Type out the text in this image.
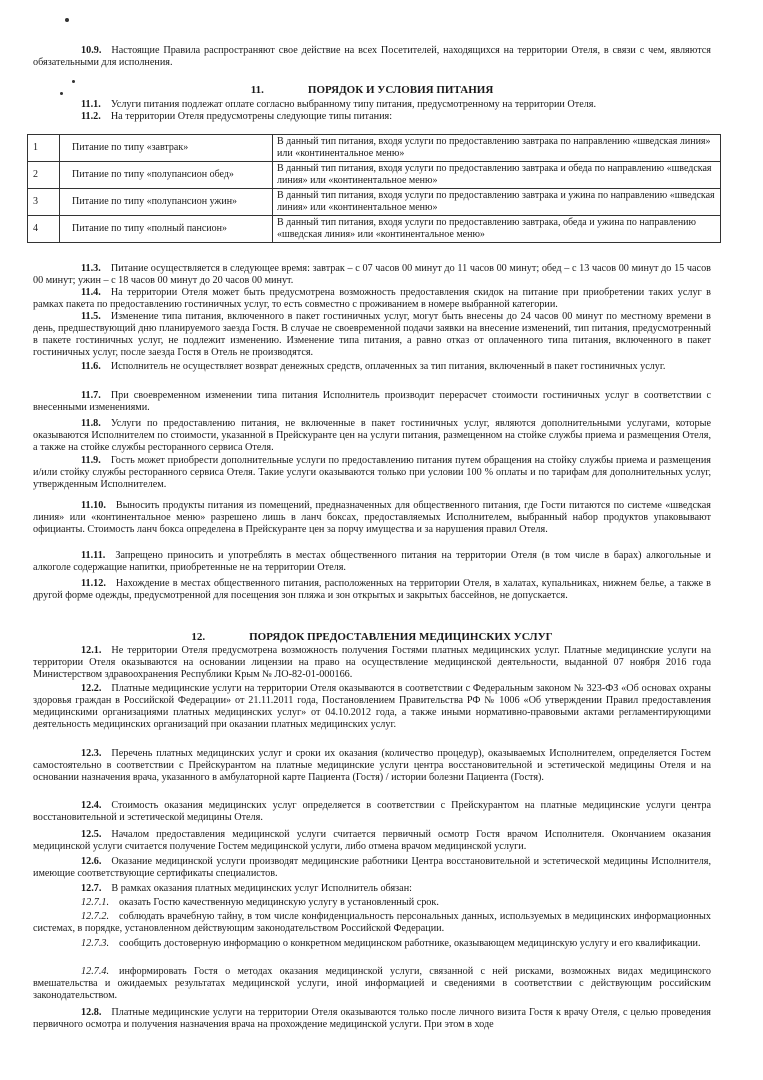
10.9. Настоящие Правила распространяют свое действие на всех Посетителей, находящихся на территории Отеля, в связи с чем, являются обязательными для исполнения.

11.	ПОРЯДОК И УСЛОВИЯ ПИТАНИЯ

11.1. Услуги питания подлежат оплате согласно выбранному типу питания, предусмотренному на территории Отеля.

11.2. На территории Отеля предусмотрены следующие типы питания:

1	Питание по типу «завтрак»	В данный тип питания, входя услуги по предоставлению завтрака по направлению «шведская линия» или «континентальное меню»
2	Питание по типу «полупансион обед»	В данный тип питания, входя услуги по предоставлению завтрака и обеда по направлению «шведская линия» или «континентальное меню»
3	Питание по типу «полупансион ужин»	В данный тип питания, входя услуги по предоставлению завтрака и ужина по направлению «шведская линия» или «континентальное меню»
4	Питание по типу «полный пансион»	В данный тип питания, входя услуги по предоставлению завтрака, обеда и ужина по направлению «шведская линия» или «континентальное меню»

11.3. Питание осуществляется в следующее время: завтрак – с 07 часов 00 минут до 11 часов 00 минут; обед – с 13 часов 00 минут до 15 часов 00 минут; ужин – с 18 часов 00 минут до 20 часов 00 минут.

11.4. На территории Отеля может быть предусмотрена возможность предоставления скидок на питание при приобретении таких услуг в рамках пакета по предоставлению гостиничных услуг, то есть совместно с проживанием в номере выбранной категории.

11.5. Изменение типа питания, включенного в пакет гостиничных услуг, могут быть внесены до 24 часов 00 минут по местному времени в день, предшествующий дню планируемого заезда Гостя. В случае не своевременной подачи заявки на внесение изменений, тип питания, предусмотренный в пакете гостиничных услуг, не подлежит изменению. Изменение типа питания, а равно отказ от оплаченного типа питания, включенного в пакет гостиничных услуг, после заезда Гостя в Отель не производятся.

11.6. Исполнитель не осуществляет возврат денежных средств, оплаченных за тип питания, включенный в пакет гостиничных услуг.

11.7. При своевременном изменении типа питания Исполнитель производит перерасчет стоимости гостиничных услуг в соответствии с внесенными изменениями.

11.8. Услуги по предоставлению питания, не включенные в пакет гостиничных услуг, являются дополнительными услугами, которые оказываются Исполнителем по стоимости, указанной в Прейскуранте цен на услуги питания, размещенном на стойке службы приема и размещения Отеля, а также на стойке службы ресторанного сервиса Отеля.

11.9. Гость может приобрести дополнительные услуги по предоставлению питания путем обращения на стойку службы приема и размещения и/или стойку службы ресторанного сервиса Отеля. Такие услуги оказываются только при условии 100 % оплаты и по тарифам для дополнительных услуг, утвержденным Исполнителем.

11.10. Выносить продукты питания из помещений, предназначенных для общественного питания, где Гости питаются по системе «шведская линия» или «континентальное меню» разрешено лишь в ланч боксах, предоставляемых Исполнителем, выбранный набор продуктов упаковывают официанты. Стоимость ланч бокса определена в Прейскуранте цен за порчу имущества и за нарушения правил Отеля.

11.11. Запрещено приносить и употреблять в местах общественного питания на территории Отеля (в том числе в барах) алкогольные и алкоголе содержащие напитки, приобретенные не на территории Отеля.

11.12. Нахождение в местах общественного питания, расположенных на территории Отеля, в халатах, купальниках, нижнем белье, а также в другой форме одежды, предусмотренной для посещения зон пляжа и зон открытых и закрытых бассейнов, не допускается.

12.	ПОРЯДОК ПРЕДОСТАВЛЕНИЯ МЕДИЦИНСКИХ УСЛУГ

12.1. Не территории Отеля предусмотрена возможность получения Гостями платных медицинских услуг. Платные медицинские услуги на территории Отеля оказываются на основании лицензии на право на осуществление медицинской деятельности, выданной 07 ноября 2016 года Министерством здравоохранения Республики Крым № ЛО-82-01-000166.

12.2. Платные медицинские услуги на территории Отеля оказываются в соответствии с Федеральным законом № 323-ФЗ «Об основах охраны здоровья граждан в Российской Федерации» от 21.11.2011 года, Постановлением Правительства РФ № 1006 «Об утверждении Правил предоставления медицинскими организациями платных медицинских услуг» от 04.10.2012 года, а также иными нормативно-правовыми актами регламентирующими деятельность медицинских организаций при оказании платных медицинских услуг.

12.3. Перечень платных медицинских услуг и сроки их оказания (количество процедур), оказываемых Исполнителем, определяется Гостем самостоятельно в соответствии с Прейскурантом на платные медицинские услуги центра восстановительной и эстетической медицины Отеля и на основании назначения врача, указанного в амбулаторной карте Пациента (Гостя) / истории болезни Пациента (Гостя).

12.4. Стоимость оказания медицинских услуг определяется в соответствии с Прейскурантом на платные медицинские услуги центра восстановительной и эстетической медицины Отеля.

12.5. Началом предоставления медицинской услуги считается первичный осмотр Гостя врачом Исполнителя. Окончанием оказания медицинской услуги считается получение Гостем медицинской услуги, либо отмена врачом медицинской услуги.

12.6. Оказание медицинской услуги производят медицинские работники Центра восстановительной и эстетической медицины Исполнителя, имеющие соответствующие сертификаты специалистов.

12.7. В рамках оказания платных медицинских услуг Исполнитель обязан:

12.7.1. оказать Гостю качественную медицинскую услугу в установленный срок.

12.7.2. соблюдать врачебную тайну, в том числе конфиденциальность персональных данных, используемых в медицинских информационных системах, в порядке, установленном действующим законодательством Российской Федерации.

12.7.3. сообщить достоверную информацию о конкретном медицинском работнике, оказывающем медицинскую услугу и его квалификации.

12.7.4. информировать Гостя о методах оказания медицинской услуги, связанной с ней рисками, возможных видах медицинского вмешательства и ожидаемых результатах медицинской услуги, иной информацией и сведениями в соответствии с действующим российским законодательством.

12.8. Платные медицинские услуги на территории Отеля оказываются только после личного визита Гостя к врачу Отеля, с целью проведения первичного осмотра и получения назначения врача на прохождение медицинской услуги. При этом в ходе
